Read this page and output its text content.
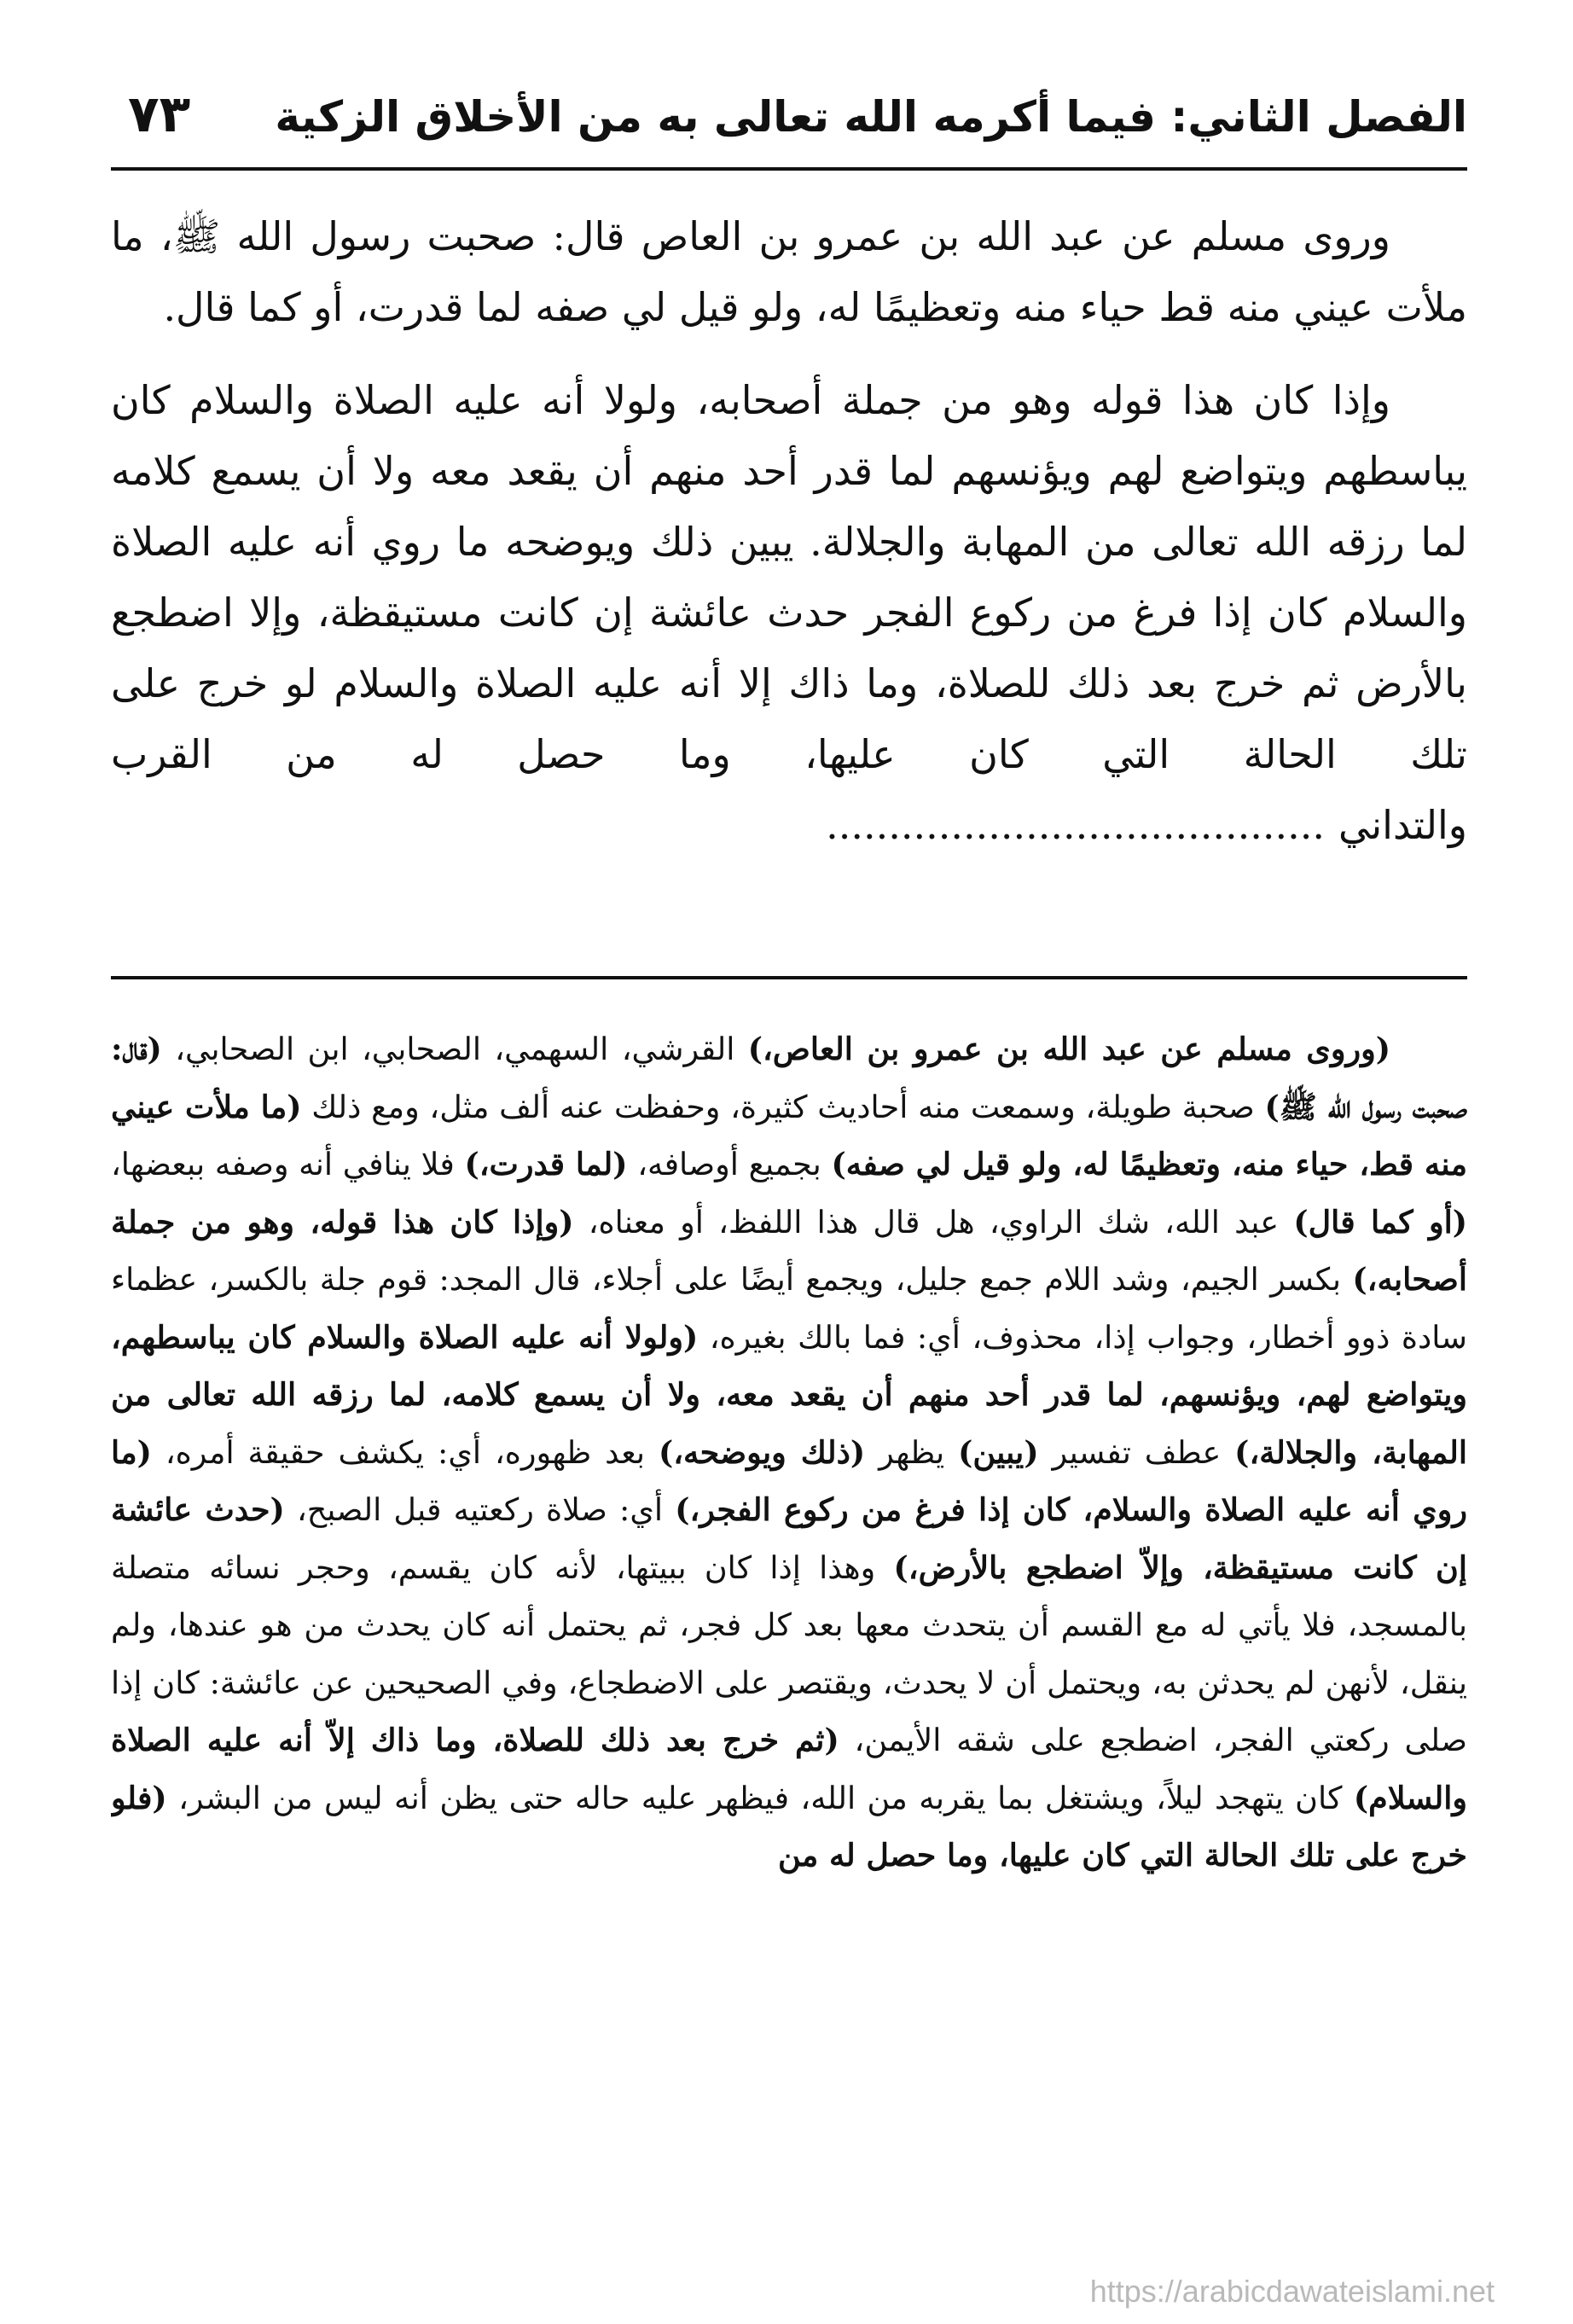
الفصل الثاني: فيما أكرمه الله تعالى به من الأخلاق الزكية
٧٣

وروى مسلم عن عبد الله بن عمرو بن العاص قال: صحبت رسول الله ﷺ، ما ملأت عيني منه قط حياء منه وتعظيمًا له، ولو قيل لي صفه لما قدرت، أو كما قال.

وإذا كان هذا قوله وهو من جملة أصحابه، ولولا أنه عليه الصلاة والسلام كان يباسطهم ويتواضع لهم ويؤنسهم لما قدر أحد منهم أن يقعد معه ولا أن يسمع كلامه لما رزقه الله تعالى من المهابة والجلالة. يبين ذلك ويوضحه ما روي أنه عليه الصلاة والسلام كان إذا فرغ من ركوع الفجر حدث عائشة إن كانت مستيقظة، وإلا اضطجع بالأرض ثم خرج بعد ذلك للصلاة، وما ذاك إلا أنه عليه الصلاة والسلام لو خرج على تلك الحالة التي كان عليها، وما حصل له من القرب والتداني........................................

(وروى مسلم عن عبد الله بن عمرو بن العاص،) القرشي، السهمي، الصحابي، ابن الصحابي، (قال: صحبت رسول الله ﷺ) صحبة طويلة، وسمعت منه أحاديث كثيرة، وحفظت عنه ألف مثل، ومع ذلك (ما ملأت عيني منه قط، حياء منه، وتعظيمًا له، ولو قيل لي صفه) بجميع أوصافه، (لما قدرت،) فلا ينافي أنه وصفه ببعضها، (أو كما قال) عبد الله، شك الراوي، هل قال هذا اللفظ، أو معناه، (وإذا كان هذا قوله، وهو من جملة أصحابه،) بكسر الجيم، وشد اللام جمع جليل، ويجمع أيضًا على أجلاء، قال المجد: قوم جلة بالكسر، عظماء سادة ذوو أخطار، وجواب إذا، محذوف، أي: فما بالك بغيره، (ولولا أنه عليه الصلاة والسلام كان يباسطهم، ويتواضع لهم، ويؤنسهم، لما قدر أحد منهم أن يقعد معه، ولا أن يسمع كلامه، لما رزقه الله تعالى من المهابة، والجلالة،) عطف تفسير (يبين) يظهر (ذلك ويوضحه،) بعد ظهوره، أي: يكشف حقيقة أمره، (ما روي أنه عليه الصلاة والسلام، كان إذا فرغ من ركوع الفجر،) أي: صلاة ركعتيه قبل الصبح، (حدث عائشة إن كانت مستيقظة، وإلاّ اضطجع بالأرض،) وهذا إذا كان ببيتها، لأنه كان يقسم، وحجر نسائه متصلة بالمسجد، فلا يأتي له مع القسم أن يتحدث معها بعد كل فجر، ثم يحتمل أنه كان يحدث من هو عندها، ولم ينقل، لأنهن لم يحدثن به، ويحتمل أن لا يحدث، ويقتصر على الاضطجاع، وفي الصحيحين عن عائشة: كان إذا صلى ركعتي الفجر، اضطجع على شقه الأيمن، (ثم خرج بعد ذلك للصلاة، وما ذاك إلاّ أنه عليه الصلاة والسلام) كان يتهجد ليلاً، ويشتغل بما يقربه من الله، فيظهر عليه حاله حتى يظن أنه ليس من البشر، (فلو خرج على تلك الحالة التي كان عليها، وما حصل له من

https://arabicdawateislami.net
